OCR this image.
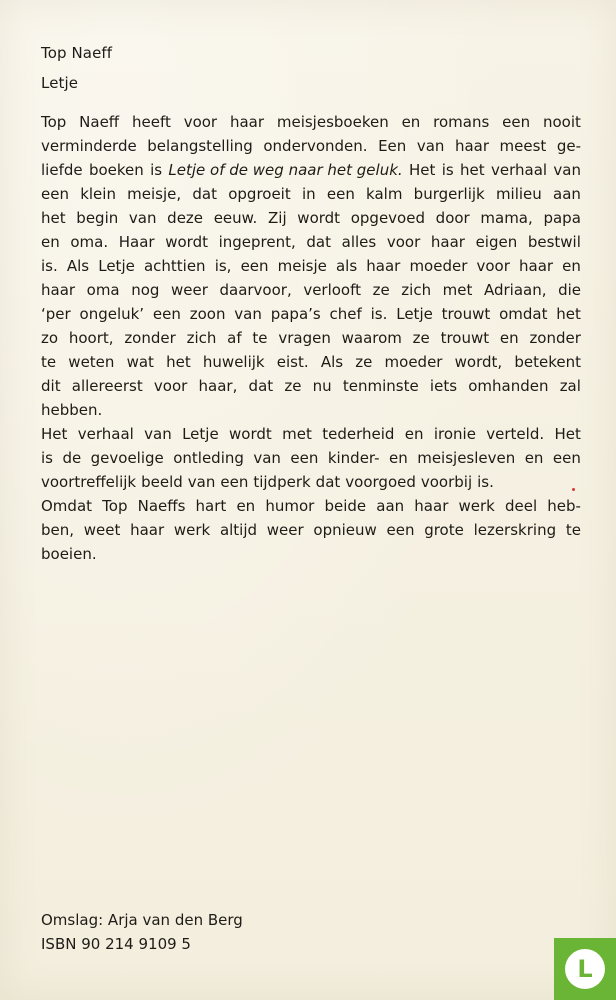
Top Naeff
Letje
Top Naeff heeft voor haar meisjesboeken en romans een nooit
verminderde belangstelling ondervonden. Een van haar meest ge-
liefde boeken is Letje of de weg naar het geluk. Het is het verhaal van
een klein meisje, dat opgroeit in een kalm burgerlijk milieu aan
het begin van deze eeuw. Zij wordt opgevoed door mama, papa
en oma. Haar wordt ingeprent, dat alles voor haar eigen bestwil
is. Als Letje achttien is, een meisje als haar moeder voor haar en
haar oma nog weer daarvoor, verlooft ze zich met Adriaan, die
‘per ongeluk’ een zoon van papa’s chef is. Letje trouwt omdat het
zo hoort, zonder zich af te vragen waarom ze trouwt en zonder
te weten wat het huwelijk eist. Als ze moeder wordt, betekent
dit allereerst voor haar, dat ze nu tenminste iets omhanden zal
hebben.
Het verhaal van Letje wordt met tederheid en ironie verteld. Het
is de gevoelige ontleding van een kinder- en meisjesleven en een
voortreffelijk beeld van een tijdperk dat voorgoed voorbij is.
Omdat Top Naeffs hart en humor beide aan haar werk deel heb-
ben, weet haar werk altijd weer opnieuw een grote lezerskring te
boeien.
Omslag: Arja van den Berg
ISBN 90 214 9109 5
L
